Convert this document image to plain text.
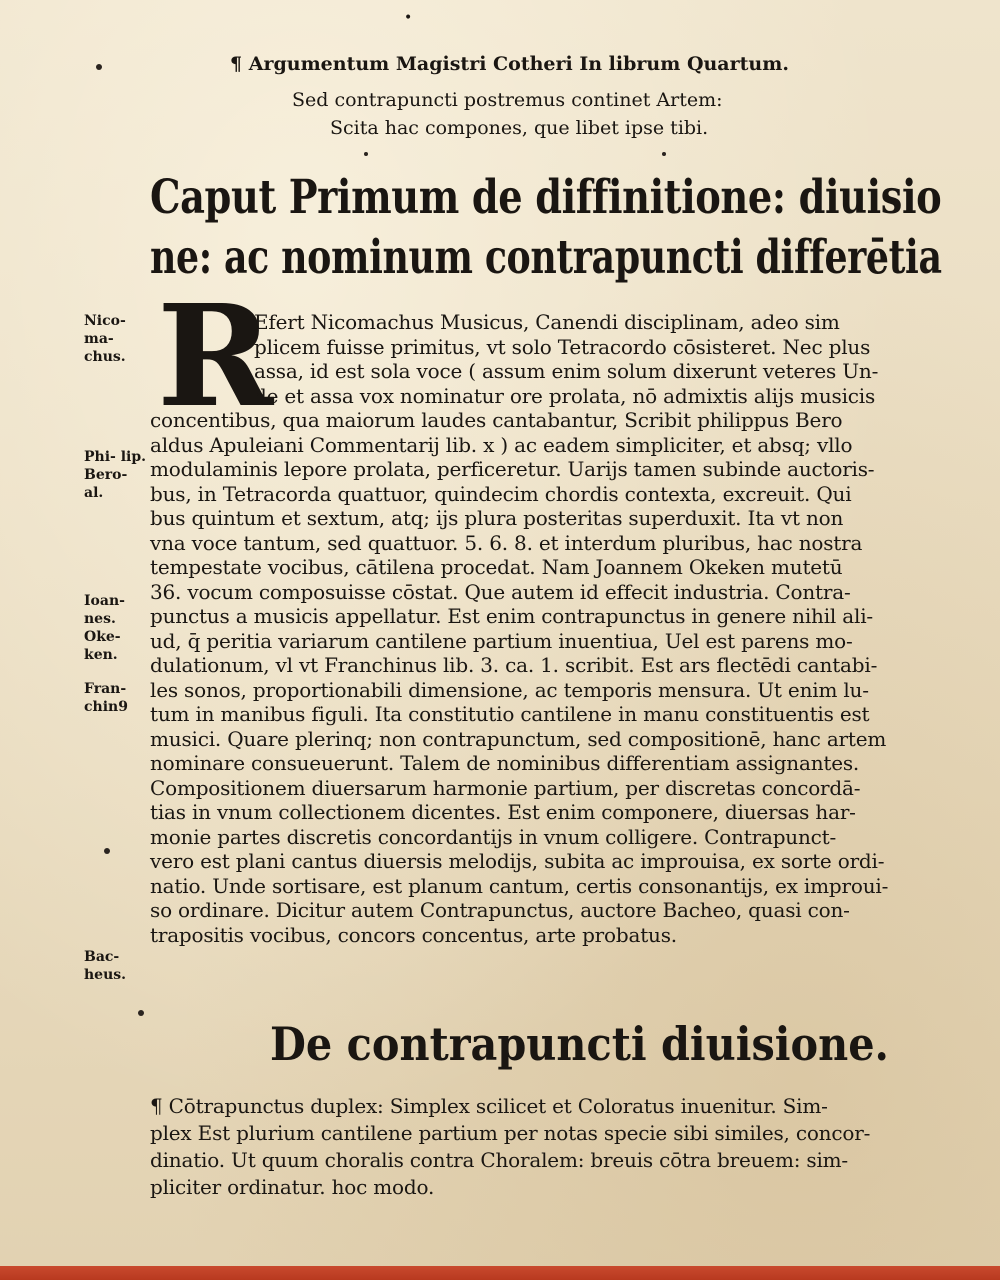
•
¶ Argumentum Magistri Cotheri In librum Quartum.
Sed contrapuncti postremus continet Artem:
Scita hac compones, que libet ipse tibi.
Caput Primum de diffinitione: diuisio
ne: ac nominum contrapuncti differētia
R
Efert Nicomachus Musicus, Canendi disciplinam, adeo sim
plicem fuisse primitus, vt solo Tetracordo cōsisteret. Nec plus
assa, id est sola voce ( assum enim solum dixerunt veteres Un-
de et assa vox nominatur ore prolata, nō admixtis alijs musicis
concentibus, qua maiorum laudes cantabantur, Scribit philippus Bero
aldus Apuleiani Commentarij lib. x ) ac eadem simpliciter, et absq; vllo
modulaminis lepore prolata, perficeretur. Uarijs tamen subinde auctoris-
bus, in Tetracorda quattuor, quindecim chordis contexta, excreuit. Qui
bus quintum et sextum, atq; ijs plura posteritas superduxit. Ita vt non
vna voce tantum, sed quattuor. 5. 6. 8. et interdum pluribus, hac nostra
tempestate vocibus, cātilena procedat. Nam Joannem Okeken mutetū
36. vocum composuisse cōstat. Que autem id effecit industria. Contra-
punctus a musicis appellatur. Est enim contrapunctus in genere nihil ali-
ud, q̄ peritia variarum cantilene partium inuentiua, Uel est parens mo-
dulationum, vl vt Franchinus lib. 3. ca. 1. scribit. Est ars flectēdi cantabi-
les sonos, proportionabili dimensione, ac temporis mensura. Ut enim lu-
tum in manibus figuli. Ita constitutio cantilene in manu constituentis est
musici. Quare plerinq; non contrapunctum, sed compositionē, hanc artem
nominare consueuerunt. Talem de nominibus differentiam assignantes.
Compositionem diuersarum harmonie partium, per discretas concordā-
tias in vnum collectionem dicentes. Est enim componere, diuersas har-
monie partes discretis concordantijs in vnum colligere. Contrapunct-
vero est plani cantus diuersis melodijs, subita ac improuisa, ex sorte ordi-
natio. Unde sortisare, est planum cantum, certis consonantijs, ex improui-
so ordinare. Dicitur autem Contrapunctus, auctore Bacheo, quasi con-
trapositis vocibus, concors concentus, arte probatus.
Nico- ma- chus.
Phi- lip. Bero- al.
Ioan- nes. Oke- ken.
Fran- chin9
Bac- heus.
De contrapuncti diuisione.
¶ Cōtrapunctus duplex: Simplex scilicet et Coloratus inuenitur. Sim-
plex Est plurium cantilene partium per notas specie sibi similes, concor-
dinatio. Ut quum choralis contra Choralem: breuis cōtra breuem: sim-
pliciter ordinatur. hoc modo.
